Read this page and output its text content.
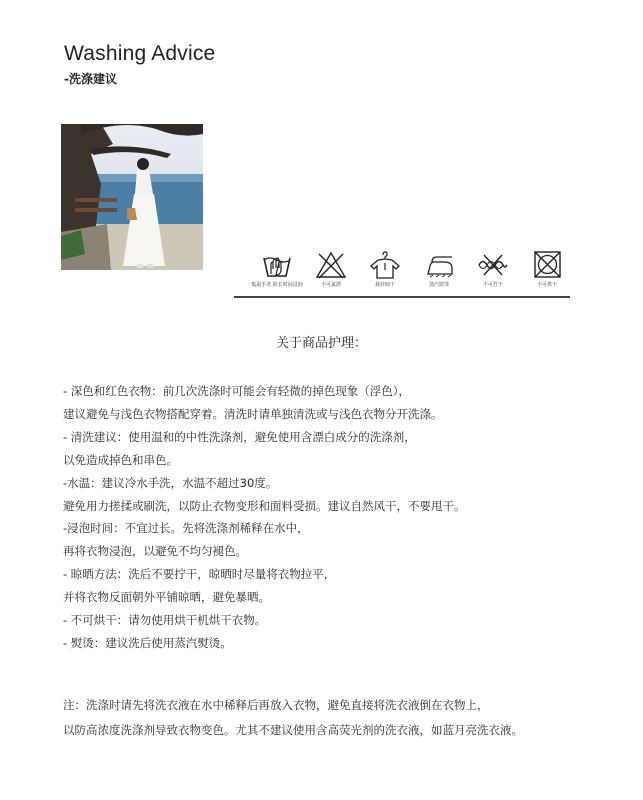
Washing Advice
-洗涤建议
低温手洗 防长时间浸泡	不可氯漂	悬挂晾干	蒸汽熨烫	不可拧干	不可烘干
关于商品护理：
- 深色和红色衣物：前几次洗涤时可能会有轻微的掉色现象（浮色），
建议避免与浅色衣物搭配穿着。清洗时请单独清洗或与浅色衣物分开洗涤。
- 清洗建议：使用温和的中性洗涤剂，避免使用含漂白成分的洗涤剂，
以免造成掉色和串色。
-水温：建议冷水手洗，水温不超过30度。
避免用力搓揉或刷洗，以防止衣物变形和面料受损。建议自然风干，不要甩干。
-浸泡时间：不宜过长。先将洗涤剂稀释在水中，
再将衣物浸泡，以避免不均匀褪色。
- 晾晒方法：洗后不要拧干，晾晒时尽量将衣物拉平，
并将衣物反面朝外平铺晾晒，避免暴晒。
- 不可烘干：请勿使用烘干机烘干衣物。
- 熨烫：建议洗后使用蒸汽熨烫。
注：洗涤时请先将洗衣液在水中稀释后再放入衣物，避免直接将洗衣液倒在衣物上，
以防高浓度洗涤剂导致衣物变色。尤其不建议使用含高荧光剂的洗衣液，如蓝月亮洗衣液。
